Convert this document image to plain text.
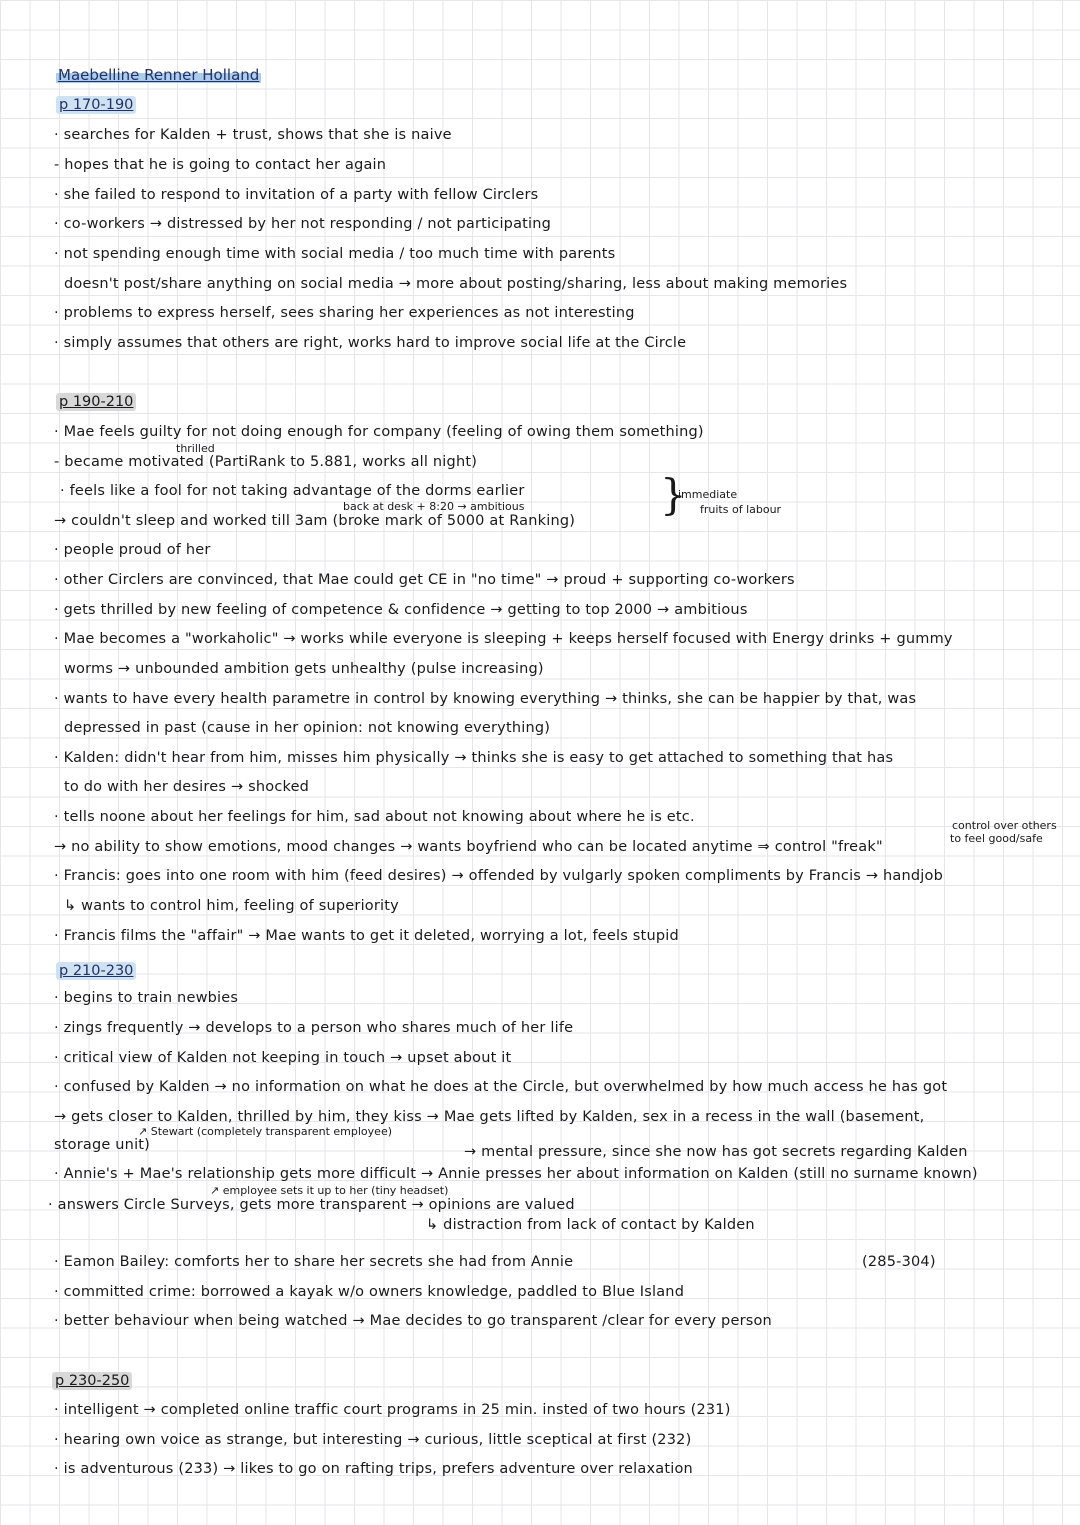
Maebelline Renner Holland
p 170-190
· searches for Kalden + trust, shows that she is naive
- hopes that he is going to contact her again
· she failed to respond to invitation of a party with fellow Circlers
· co-workers → distressed by her not responding / not participating
· not spending enough time with social media / too much time with parents
doesn't post/share anything on social media → more about posting/sharing, less about making memories
· problems to express herself, sees sharing her experiences as not interesting
· simply assumes that others are right, works hard to improve social life at the Circle
p 190-210
· Mae feels guilty for not doing enough for company (feeling of owing them something)
thrilled
- became motivated (PartiRank to 5.881, works all night)
· feels like a fool for not taking advantage of the dorms earlier
back at desk + 8:20 → ambitious
→ couldn't sleep and worked till 3am (broke mark of 5000 at Ranking)
}
immediate
fruits of labour
· people proud of her
· other Circlers are convinced, that Mae could get CE in "no time" → proud + supporting co-workers
· gets thrilled by new feeling of competence & confidence → getting to top 2000 → ambitious
· Mae becomes a "workaholic" → works while everyone is sleeping + keeps herself focused with Energy drinks + gummy
worms → unbounded ambition gets unhealthy (pulse increasing)
· wants to have every health parametre in control by knowing everything → thinks, she can be happier by that, was
depressed in past (cause in her opinion: not knowing everything)
· Kalden: didn't hear from him, misses him physically → thinks she is easy to get attached to something that has
to do with her desires → shocked
· tells noone about her feelings for him, sad about not knowing about where he is etc.
control over others
to feel good/safe
→ no ability to show emotions, mood changes → wants boyfriend who can be located anytime ⇒ control "freak"
· Francis: goes into one room with him (feed desires) → offended by vulgarly spoken compliments by Francis → handjob
↳ wants to control him, feeling of superiority
· Francis films the "affair" → Mae wants to get it deleted, worrying a lot, feels stupid
p 210-230
· begins to train newbies
· zings frequently → develops to a person who shares much of her life
· critical view of Kalden not keeping in touch → upset about it
· confused by Kalden → no information on what he does at the Circle, but overwhelmed by how much access he has got
→ gets closer to Kalden, thrilled by him, they kiss → Mae gets lifted by Kalden, sex in a recess in the wall (basement,
↗ Stewart (completely transparent employee)
storage unit)	→ mental pressure, since she now has got secrets regarding Kalden
· Annie's + Mae's relationship gets more difficult → Annie presses her about information on Kalden (still no surname known)
↗ employee sets it up to her (tiny headset)
· answers Circle Surveys, gets more transparent → opinions are valued
↳ distraction from lack of contact by Kalden
· Eamon Bailey: comforts her to share her secrets she had from Annie	(285-304)
· committed crime: borrowed a kayak w/o owners knowledge, paddled to Blue Island
· better behaviour when being watched → Mae decides to go transparent /clear for every person
p 230-250
· intelligent → completed online traffic court programs in 25 min. insted of two hours (231)
· hearing own voice as strange, but interesting → curious, little sceptical at first (232)
· is adventurous (233) → likes to go on rafting trips, prefers adventure over relaxation
